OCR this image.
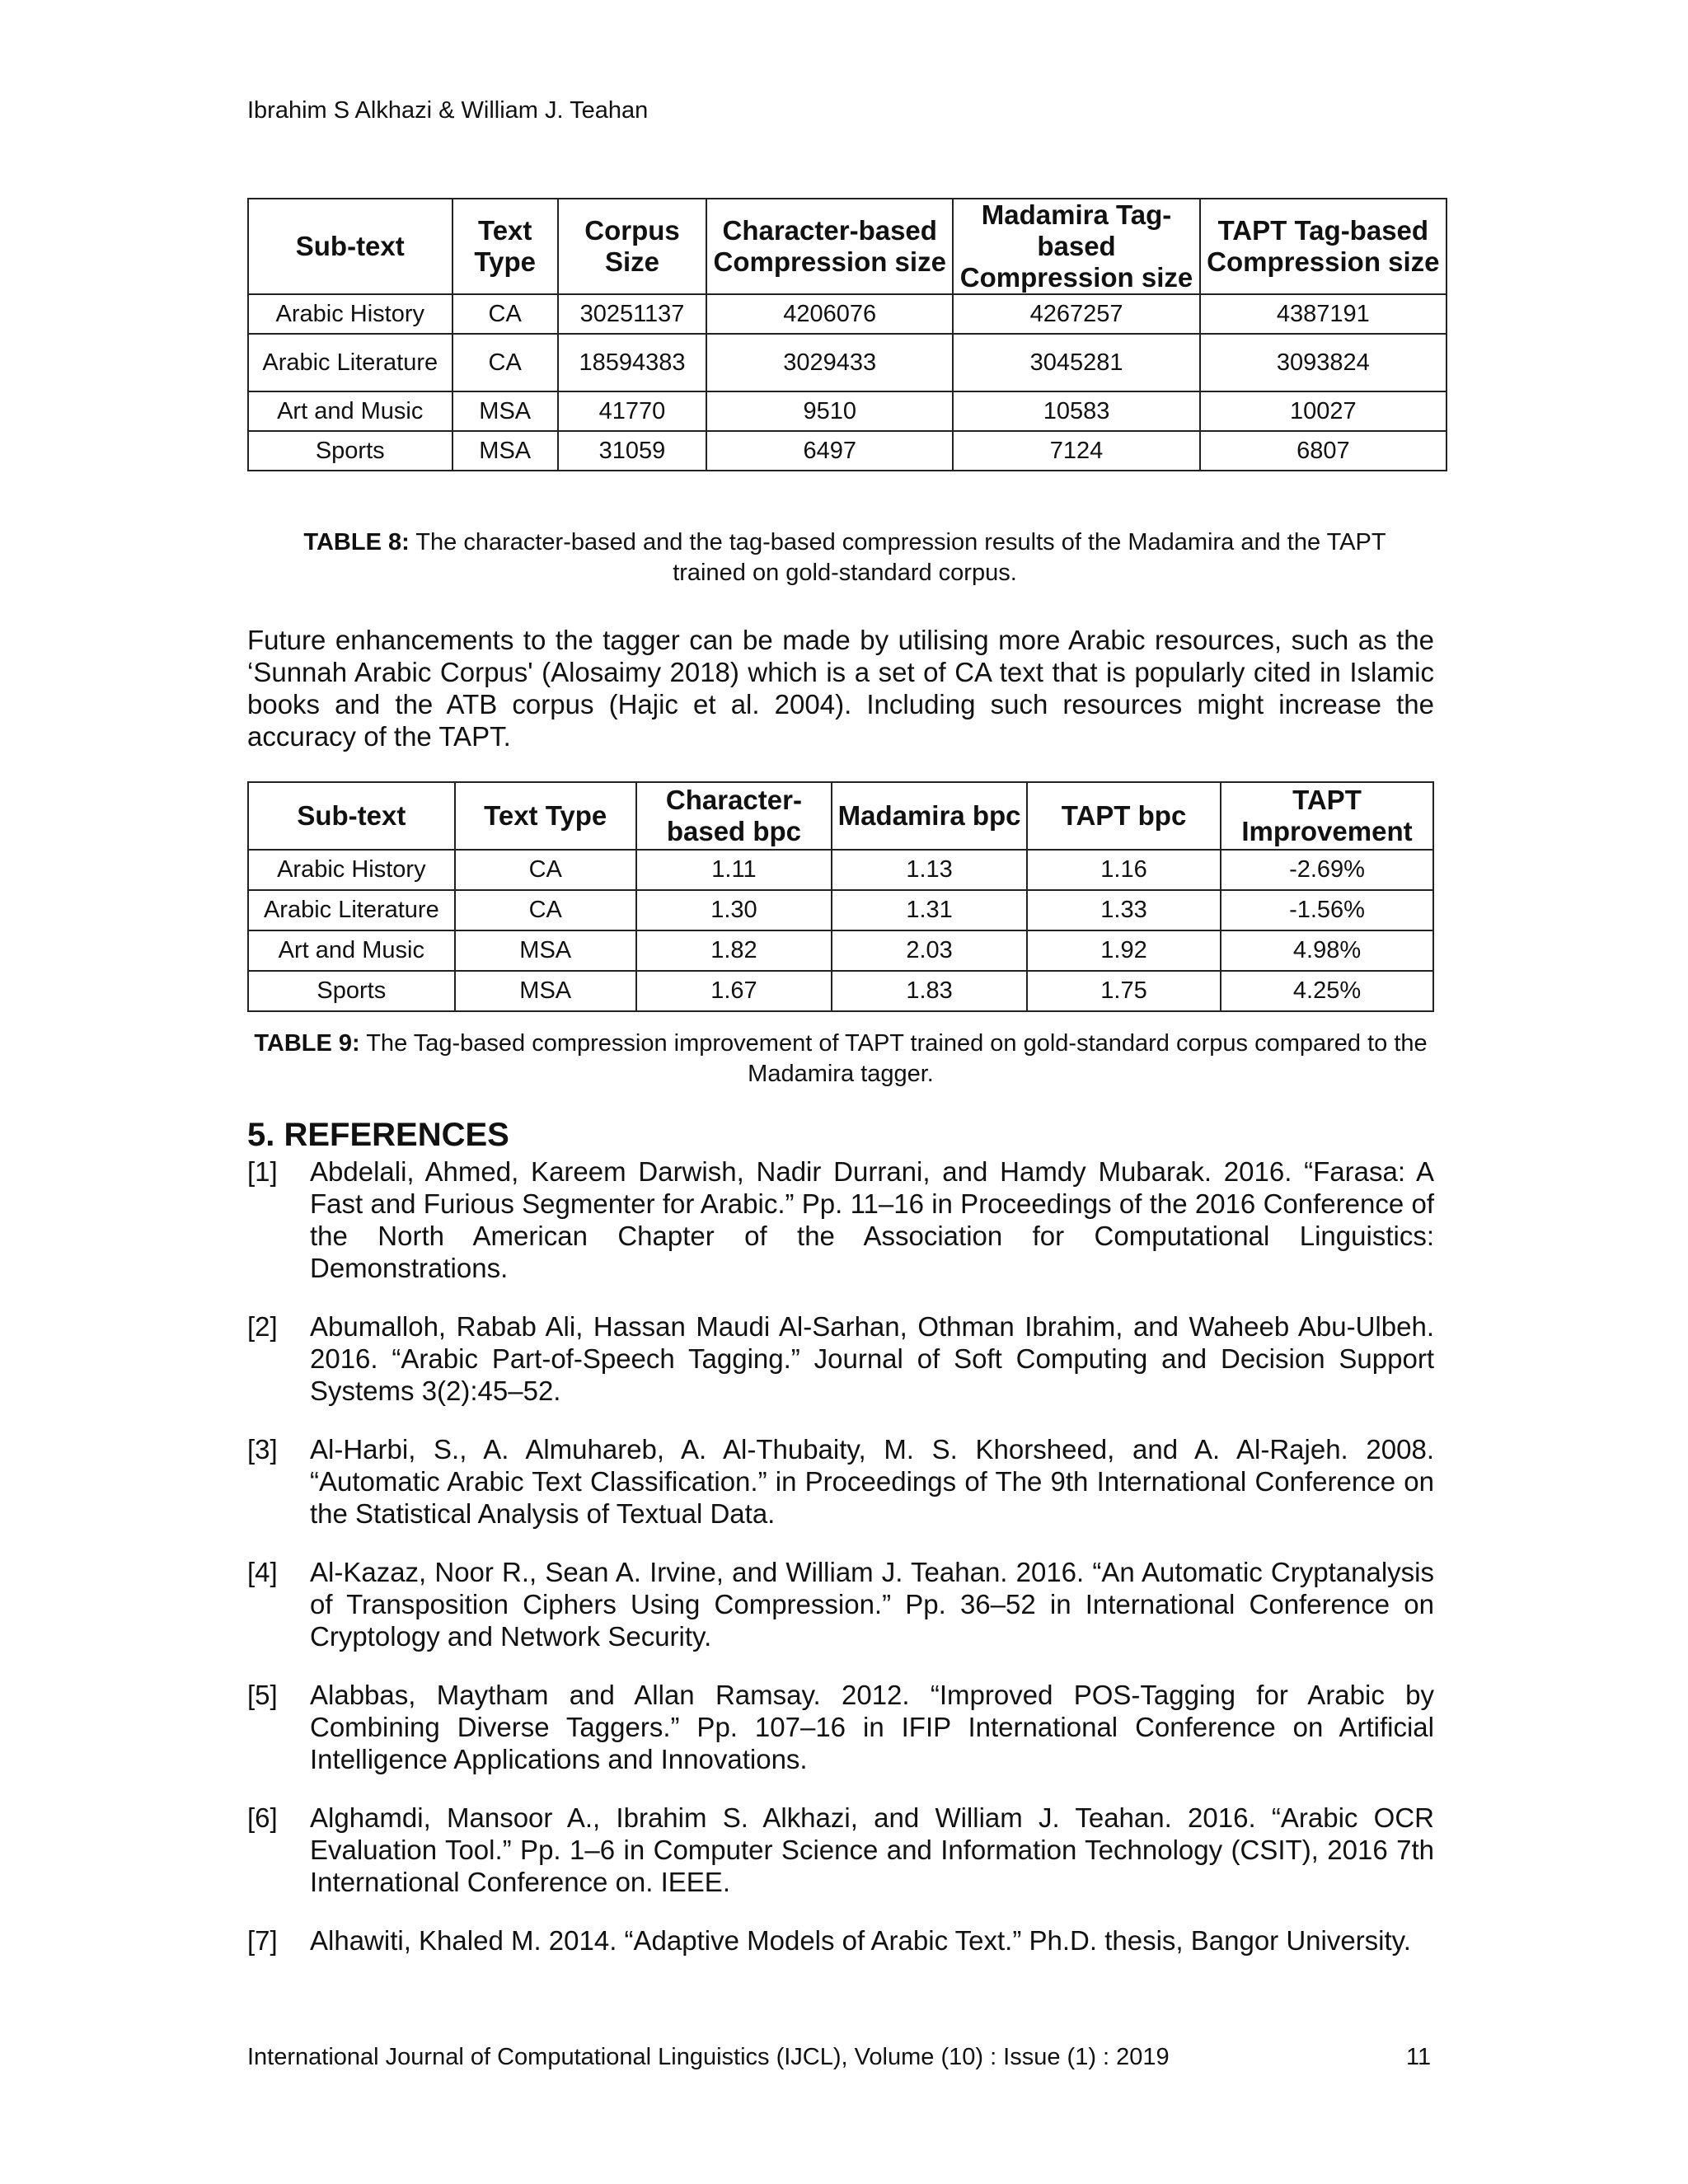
Ibrahim S Alkhazi & William J. Teahan
Sub-text	Text Type	Corpus Size	Character-based Compression size	Madamira Tag-based Compression size	TAPT Tag-based Compression size
Arabic History	CA	30251137	4206076	4267257	4387191
Arabic Literature	CA	18594383	3029433	3045281	3093824
Art and Music	MSA	41770	9510	10583	10027
Sports	MSA	31059	6497	7124	6807
TABLE 8: The character-based and the tag-based compression results of the Madamira and the TAPT trained on gold-standard corpus.
Future enhancements to the tagger can be made by utilising more Arabic resources, such as the ‘Sunnah Arabic Corpus' (Alosaimy 2018) which is a set of CA text that is popularly cited in Islamic books and the ATB corpus (Hajic et al. 2004). Including such resources might increase the accuracy of the TAPT.
Sub-text	Text Type	Character-based bpc	Madamira bpc	TAPT bpc	TAPT Improvement
Arabic History	CA	1.11	1.13	1.16	-2.69%
Arabic Literature	CA	1.30	1.31	1.33	-1.56%
Art and Music	MSA	1.82	2.03	1.92	4.98%
Sports	MSA	1.67	1.83	1.75	4.25%
TABLE 9: The Tag-based compression improvement of TAPT trained on gold-standard corpus compared to the Madamira tagger.
5. REFERENCES
[1] Abdelali, Ahmed, Kareem Darwish, Nadir Durrani, and Hamdy Mubarak. 2016. “Farasa: A Fast and Furious Segmenter for Arabic.” Pp. 11–16 in Proceedings of the 2016 Conference of the North American Chapter of the Association for Computational Linguistics: Demonstrations.
[2] Abumalloh, Rabab Ali, Hassan Maudi Al-Sarhan, Othman Ibrahim, and Waheeb Abu-Ulbeh. 2016. “Arabic Part-of-Speech Tagging.” Journal of Soft Computing and Decision Support Systems 3(2):45–52.
[3] Al-Harbi, S., A. Almuhareb, A. Al-Thubaity, M. S. Khorsheed, and A. Al-Rajeh. 2008. “Automatic Arabic Text Classification.” in Proceedings of The 9th International Conference on the Statistical Analysis of Textual Data.
[4] Al-Kazaz, Noor R., Sean A. Irvine, and William J. Teahan. 2016. “An Automatic Cryptanalysis of Transposition Ciphers Using Compression.” Pp. 36–52 in International Conference on Cryptology and Network Security.
[5] Alabbas, Maytham and Allan Ramsay. 2012. “Improved POS-Tagging for Arabic by Combining Diverse Taggers.” Pp. 107–16 in IFIP International Conference on Artificial Intelligence Applications and Innovations.
[6] Alghamdi, Mansoor A., Ibrahim S. Alkhazi, and William J. Teahan. 2016. “Arabic OCR Evaluation Tool.” Pp. 1–6 in Computer Science and Information Technology (CSIT), 2016 7th International Conference on. IEEE.
[7] Alhawiti, Khaled M. 2014. “Adaptive Models of Arabic Text.” Ph.D. thesis, Bangor University.
International Journal of Computational Linguistics (IJCL), Volume (10) : Issue (1) : 2019	11
